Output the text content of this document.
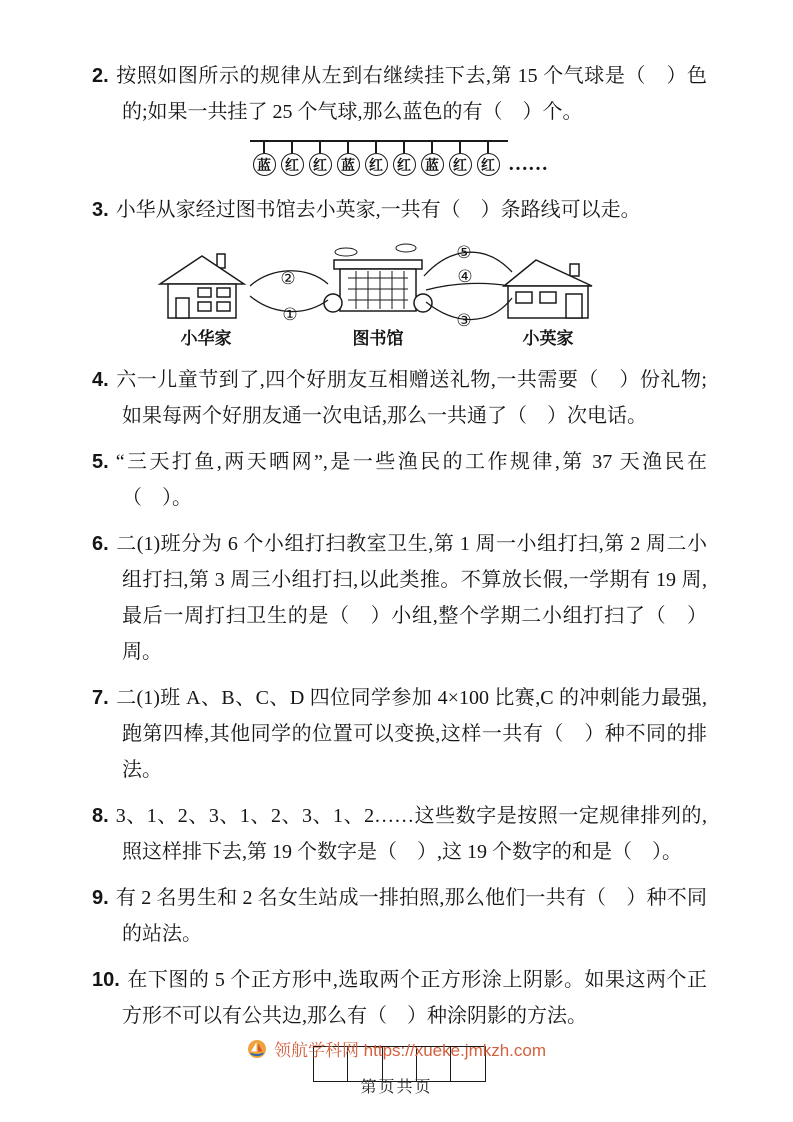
2. 按照如图所示的规律从左到右继续挂下去,第 15 个气球是（　）色的;如果一共挂了 25 个气球,那么蓝色的有（　）个。

蓝	红	红	蓝	红	红	蓝	红	红 ……

3. 小华从家经过图书馆去小英家,一共有（　）条路线可以走。

②
①
⑤
④
③
小华家	图书馆	小英家

4. 六一儿童节到了,四个好朋友互相赠送礼物,一共需要（　）份礼物;如果每两个好朋友通一次电话,那么一共通了（　）次电话。

5. “三天打鱼,两天晒网”,是一些渔民的工作规律,第 37 天渔民在（　）。

6. 二(1)班分为 6 个小组打扫教室卫生,第 1 周一小组打扫,第 2 周二小组打扫,第 3 周三小组打扫,以此类推。不算放长假,一学期有 19 周,最后一周打扫卫生的是（　）小组,整个学期二小组打扫了（　）周。

7. 二(1)班 A、B、C、D 四位同学参加 4×100 比赛,C 的冲刺能力最强,跑第四棒,其他同学的位置可以变换,这样一共有（　）种不同的排法。

8. 3、1、2、3、1、2、3、1、2……这些数字是按照一定规律排列的,照这样排下去,第 19 个数字是（　）,这 19 个数字的和是（　）。

9. 有 2 名男生和 2 名女生站成一排拍照,那么他们一共有（　）种不同的站法。

10. 在下图的 5 个正方形中,选取两个正方形涂上阴影。如果这两个正方形不可以有公共边,那么有（　）种涂阴影的方法。

领航学科网 https://xueke.jmkzh.com
第页共页
